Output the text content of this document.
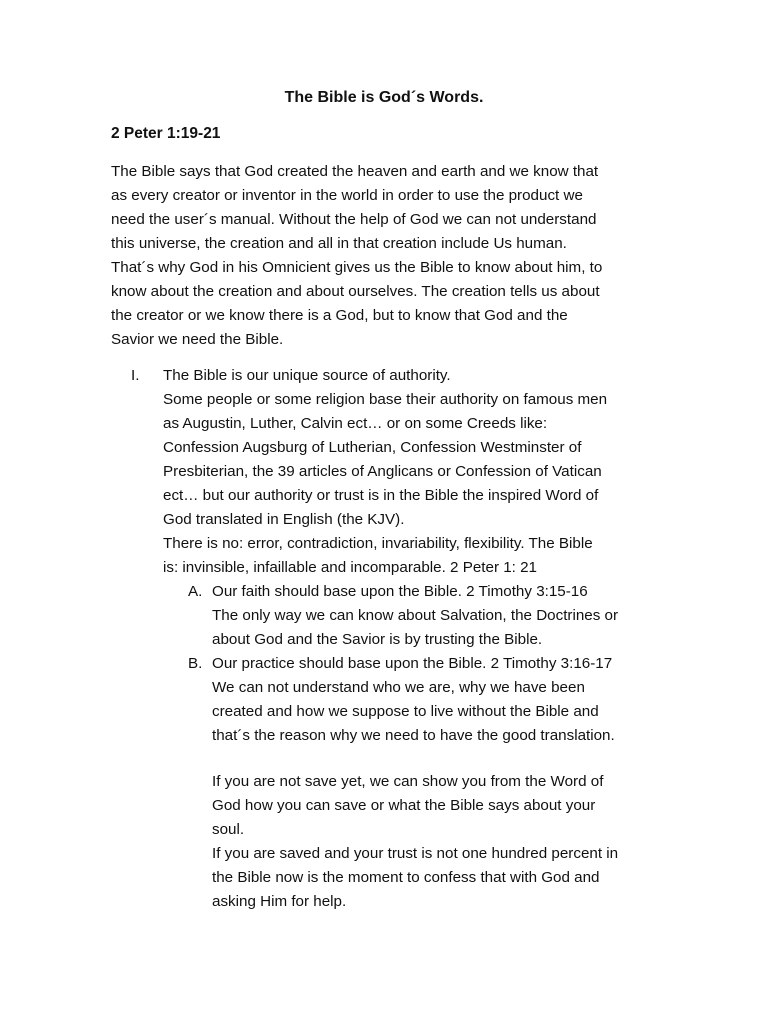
The Bible is God´s Words.
2 Peter 1:19-21
The Bible says that God created the heaven and earth and we know that
as every creator or inventor in the world in order to use the product we
need the user´s manual. Without the help of God we can not understand
this universe, the creation and all in that creation include Us human.
That´s why God in his Omnicient gives us the Bible to know about him, to
know about the creation and about ourselves. The creation tells us about
the creator or we know there is a God, but to know that God and the
Savior we need the Bible.
I. The Bible is our unique source of authority.
Some people or some religion base their authority on famous men
as Augustin, Luther, Calvin ect… or on some Creeds like:
Confession Augsburg of Lutherian, Confession Westminster of
Presbiterian, the 39 articles of Anglicans or Confession of Vatican
ect… but our authority or trust is in the Bible the inspired Word of
God translated in English (the KJV).
There is no: error, contradiction, invariability, flexibility. The Bible
is: invinsible, infaillable and incomparable. 2 Peter 1: 21
A. Our faith should base upon the Bible. 2 Timothy 3:15-16
The only way we can know about Salvation, the Doctrines or
about God and the Savior is by trusting the Bible.
B. Our practice should base upon the Bible. 2 Timothy 3:16-17
We can not understand who we are, why we have been
created and how we suppose to live without the Bible and
that´s the reason why we need to have the good translation.
If you are not save yet, we can show you from the Word of
God how you can save or what the Bible says about your
soul.
If you are saved and your trust is not one hundred percent in
the Bible now is the moment to confess that with God and
asking Him for help.
